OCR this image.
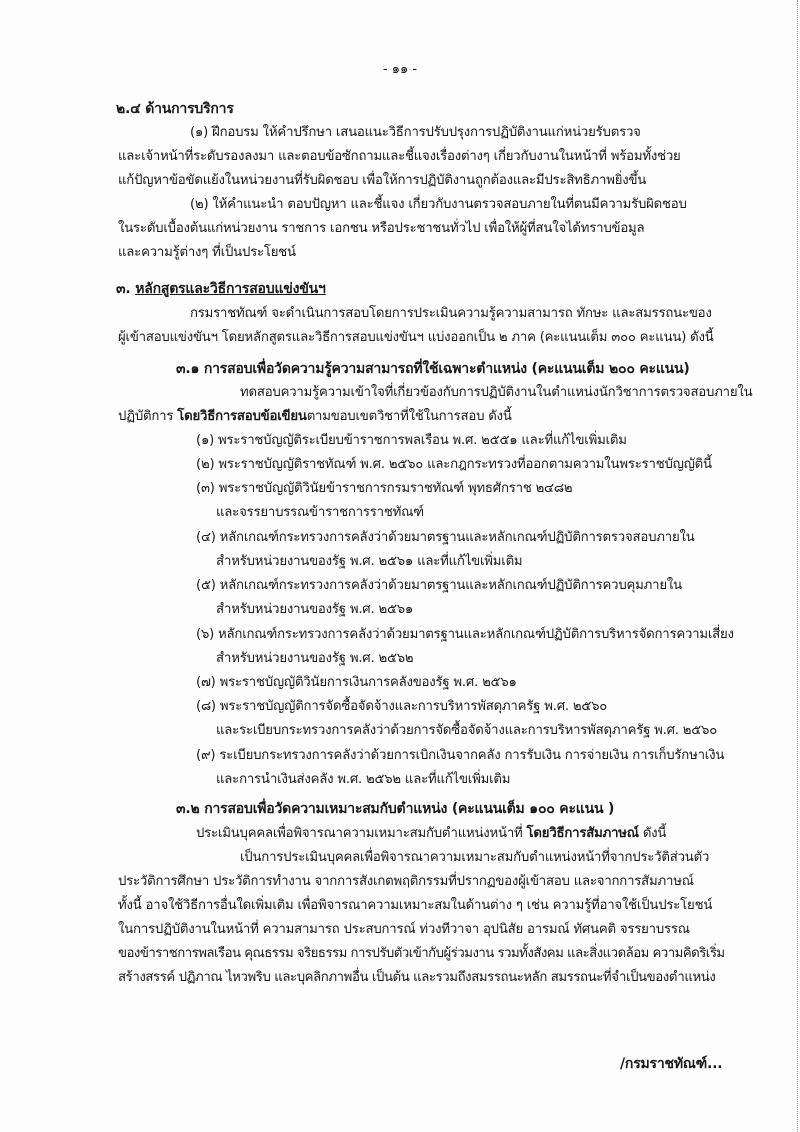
- ๑๑ -
๒.๔ ด้านการบริการ
(๑) ฝึกอบรม ให้คำปรึกษา เสนอแนะวิธีการปรับปรุงการปฏิบัติงานแก่หน่วยรับตรวจ
และเจ้าหน้าที่ระดับรองลงมา และตอบข้อซักถามและชี้แจงเรื่องต่างๆ เกี่ยวกับงานในหน้าที่ พร้อมทั้งช่วย
แก้ปัญหาข้อขัดแย้งในหน่วยงานที่รับผิดชอบ เพื่อให้การปฏิบัติงานถูกต้องและมีประสิทธิภาพยิ่งขึ้น
(๒) ให้คำแนะนำ ตอบปัญหา และชี้แจง เกี่ยวกับงานตรวจสอบภายในที่ตนมีความรับผิดชอบ
ในระดับเบื้องต้นแก่หน่วยงาน ราชการ เอกชน หรือประชาชนทั่วไป เพื่อให้ผู้ที่สนใจได้ทราบข้อมูล
และความรู้ต่างๆ ที่เป็นประโยชน์
๓. หลักสูตรและวิธีการสอบแข่งขันฯ
กรมราชทัณฑ์ จะดำเนินการสอบโดยการประเมินความรู้ความสามารถ ทักษะ และสมรรถนะของ
ผู้เข้าสอบแข่งขันฯ โดยหลักสูตรและวิธีการสอบแข่งขันฯ แบ่งออกเป็น ๒ ภาค (คะแนนเต็ม ๓๐๐ คะแนน) ดังนี้
๓.๑ การสอบเพื่อวัดความรู้ความสามารถที่ใช้เฉพาะตำแหน่ง (คะแนนเต็ม ๒๐๐ คะแนน)
ทดสอบความรู้ความเข้าใจที่เกี่ยวข้องกับการปฏิบัติงานในตำแหน่งนักวิชาการตรวจสอบภายใน
ปฏิบัติการ โดยวิธีการสอบข้อเขียนตามขอบเขตวิชาที่ใช้ในการสอบ ดังนี้
(๑) พระราชบัญญัติระเบียบข้าราชการพลเรือน พ.ศ. ๒๕๕๑ และที่แก้ไขเพิ่มเติม
(๒) พระราชบัญญัติราชทัณฑ์ พ.ศ. ๒๕๖๐ และกฎกระทรวงที่ออกตามความในพระราชบัญญัตินี้
(๓) พระราชบัญญัติวินัยข้าราชการกรมราชทัณฑ์ พุทธศักราช ๒๔๘๒
และจรรยาบรรณข้าราชการราชทัณฑ์
(๔) หลักเกณฑ์กระทรวงการคลังว่าด้วยมาตรฐานและหลักเกณฑ์ปฏิบัติการตรวจสอบภายใน
สำหรับหน่วยงานของรัฐ พ.ศ. ๒๕๖๑ และที่แก้ไขเพิ่มเติม
(๕) หลักเกณฑ์กระทรวงการคลังว่าด้วยมาตรฐานและหลักเกณฑ์ปฏิบัติการควบคุมภายใน
สำหรับหน่วยงานของรัฐ พ.ศ. ๒๕๖๑
(๖) หลักเกณฑ์กระทรวงการคลังว่าด้วยมาตรฐานและหลักเกณฑ์ปฏิบัติการบริหารจัดการความเสี่ยง
สำหรับหน่วยงานของรัฐ พ.ศ. ๒๕๖๒
(๗) พระราชบัญญัติวินัยการเงินการคลังของรัฐ พ.ศ. ๒๕๖๑
(๘) พระราชบัญญัติการจัดซื้อจัดจ้างและการบริหารพัสดุภาครัฐ พ.ศ. ๒๕๖๐
และระเบียบกระทรวงการคลังว่าด้วยการจัดซื้อจัดจ้างและการบริหารพัสดุภาครัฐ พ.ศ. ๒๕๖๐
(๙) ระเบียบกระทรวงการคลังว่าด้วยการเบิกเงินจากคลัง การรับเงิน การจ่ายเงิน การเก็บรักษาเงิน
และการนำเงินส่งคลัง พ.ศ. ๒๕๖๒ และที่แก้ไขเพิ่มเติม
๓.๒ การสอบเพื่อวัดความเหมาะสมกับตำแหน่ง (คะแนนเต็ม ๑๐๐ คะแนน )
ประเมินบุคคลเพื่อพิจารณาความเหมาะสมกับตำแหน่งหน้าที่ โดยวิธีการสัมภาษณ์ ดังนี้
เป็นการประเมินบุคคลเพื่อพิจารณาความเหมาะสมกับตำแหน่งหน้าที่จากประวัติส่วนตัว
ประวัติการศึกษา ประวัติการทำงาน จากการสังเกตพฤติกรรมที่ปรากฏของผู้เข้าสอบ และจากการสัมภาษณ์
ทั้งนี้ อาจใช้วิธีการอื่นใดเพิ่มเติม เพื่อพิจารณาความเหมาะสมในด้านต่าง ๆ เช่น ความรู้ที่อาจใช้เป็นประโยชน์
ในการปฏิบัติงานในหน้าที่ ความสามารถ ประสบการณ์ ท่วงทีวาจา อุปนิสัย อารมณ์ ทัศนคติ จรรยาบรรณ
ของข้าราชการพลเรือน คุณธรรม จริยธรรม การปรับตัวเข้ากับผู้ร่วมงาน รวมทั้งสังคม และสิ่งแวดล้อม ความคิดริเริ่ม
สร้างสรรค์ ปฏิภาณ ไหวพริบ และบุคลิกภาพอื่น เป็นต้น และรวมถึงสมรรถนะหลัก สมรรถนะที่จำเป็นของตำแหน่ง
/กรมราชทัณฑ์...
